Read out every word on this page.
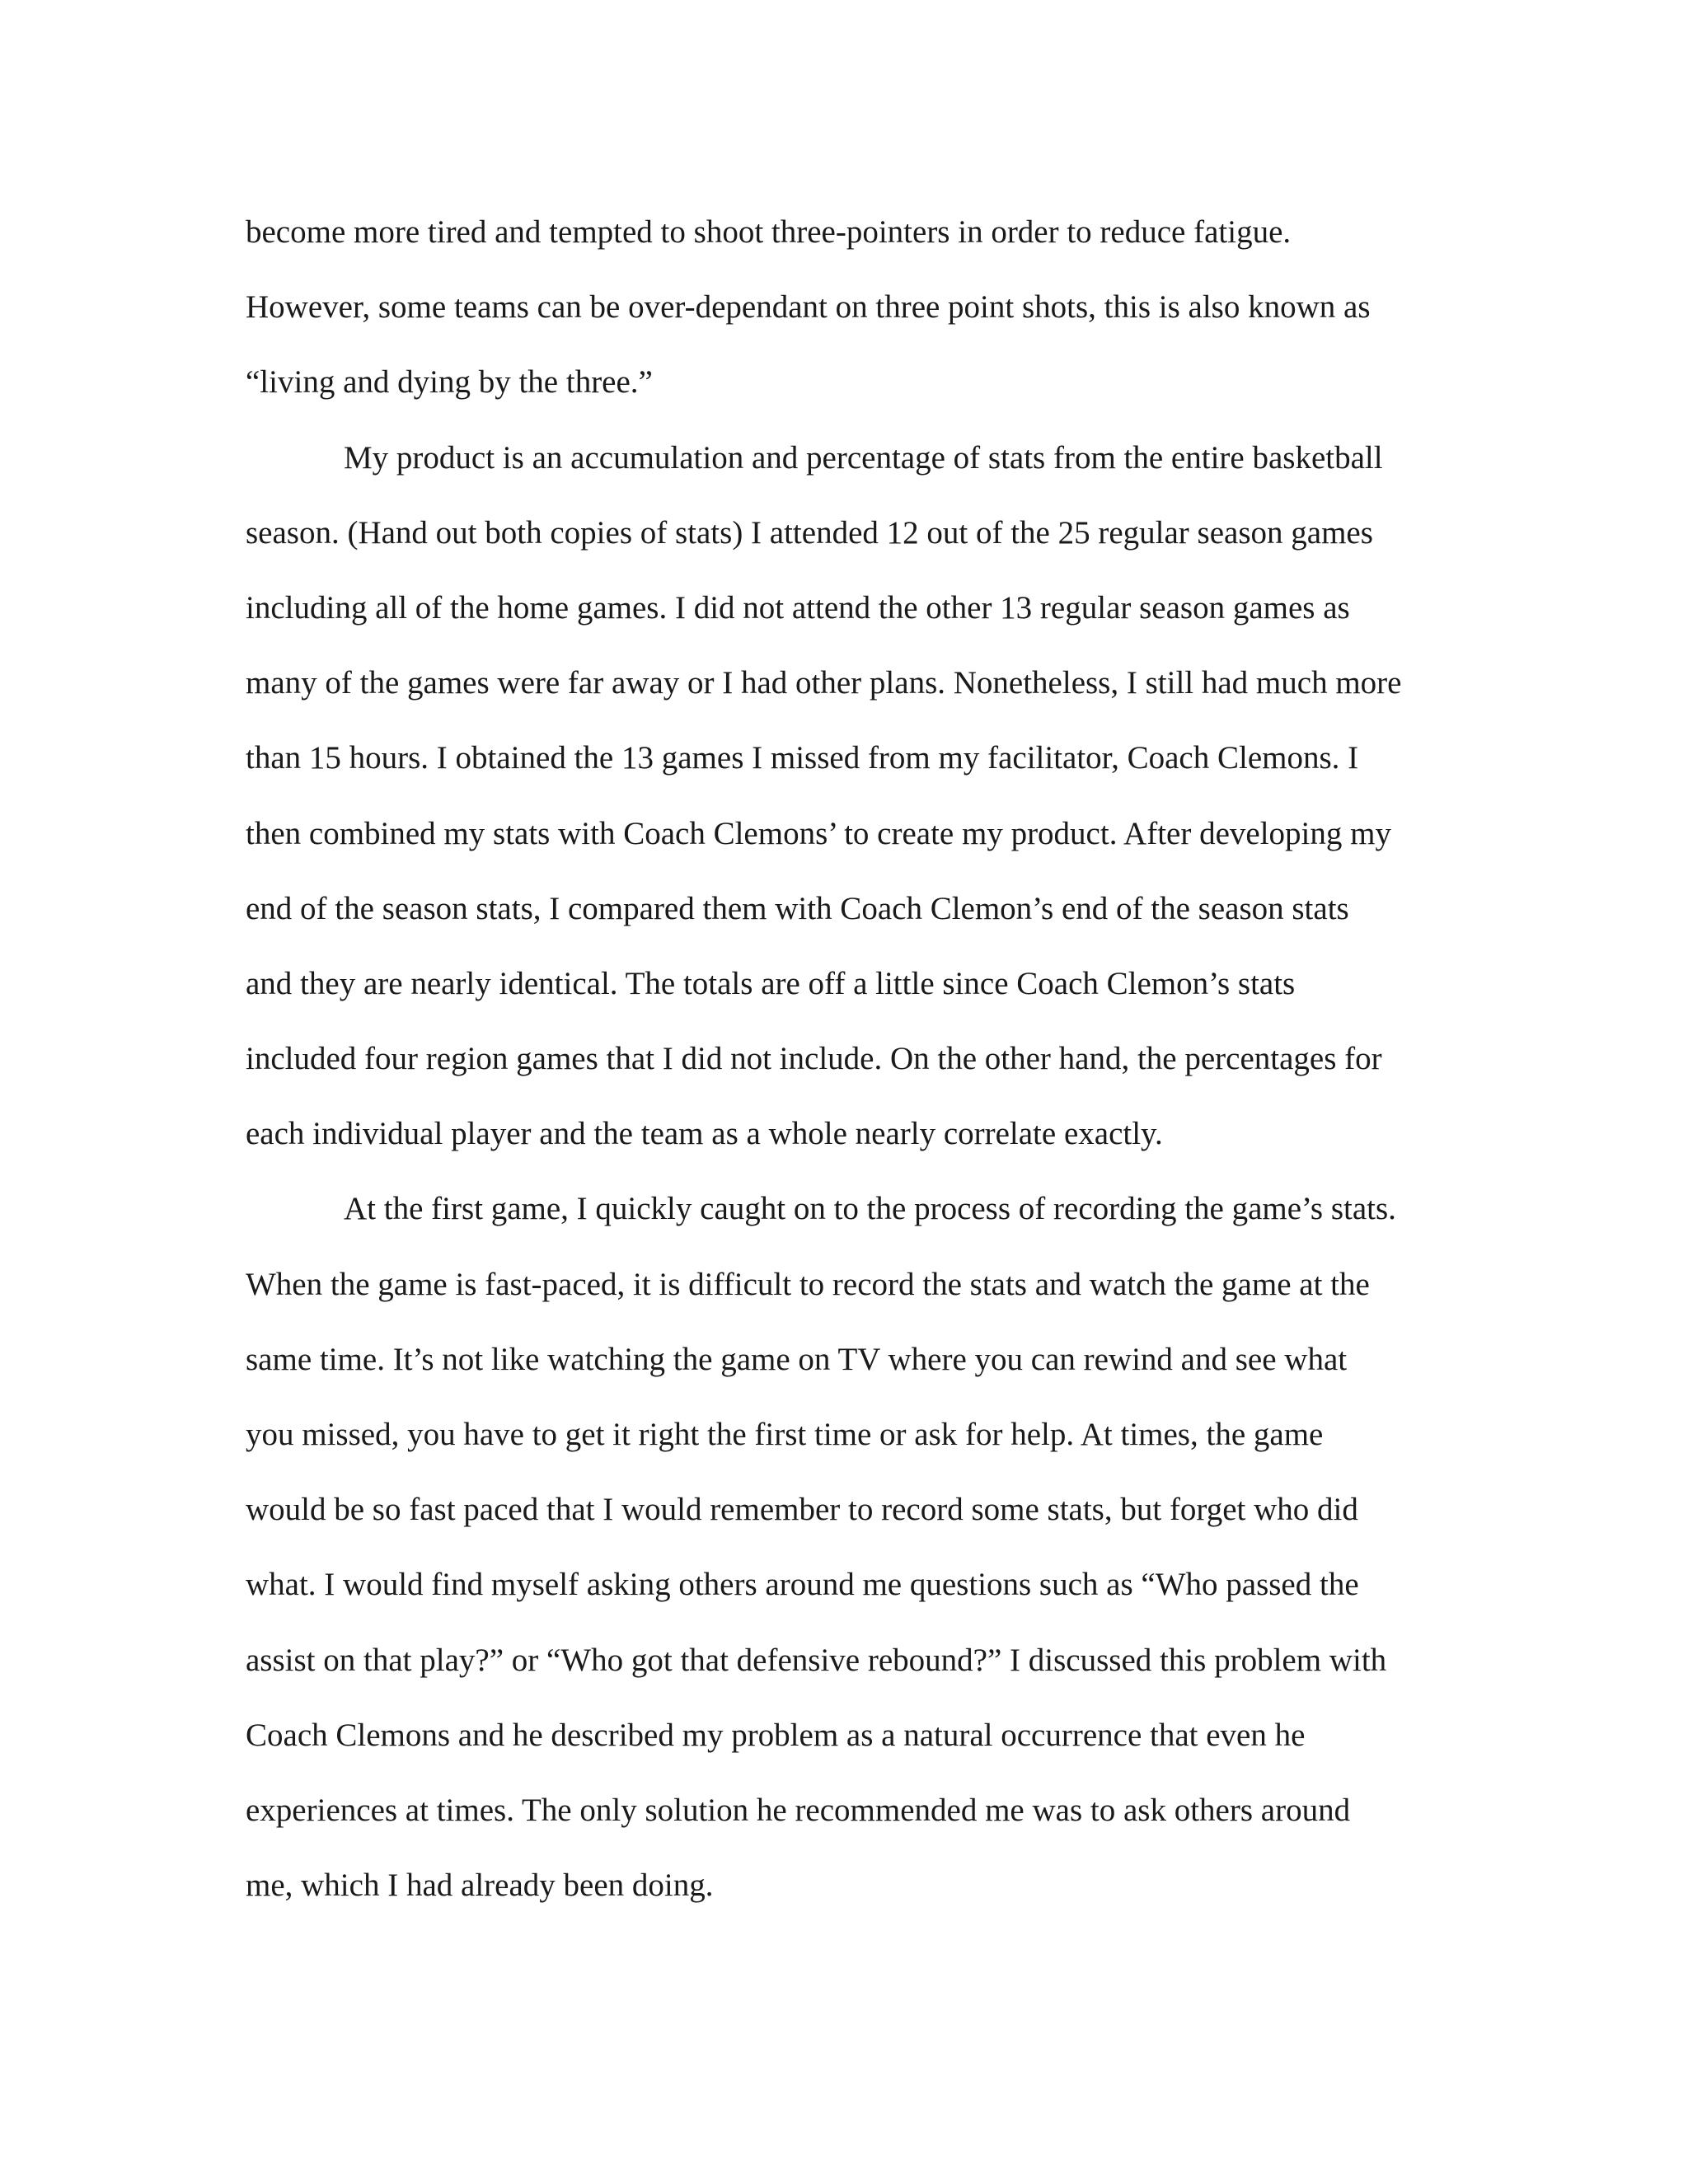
become more tired and tempted to shoot three-pointers in order to reduce fatigue.
However, some teams can be over-dependant on three point shots, this is also known as
“living and dying by the three.”
My product is an accumulation and percentage of stats from the entire basketball
season. (Hand out both copies of stats) I attended 12 out of the 25 regular season games
including all of the home games. I did not attend the other 13 regular season games as
many of the games were far away or I had other plans. Nonetheless, I still had much more
than 15 hours. I obtained the 13 games I missed from my facilitator, Coach Clemons. I
then combined my stats with Coach Clemons’ to create my product. After developing my
end of the season stats, I compared them with Coach Clemon’s end of the season stats
and they are nearly identical. The totals are off a little since Coach Clemon’s stats
included four region games that I did not include. On the other hand, the percentages for
each individual player and the team as a whole nearly correlate exactly.
At the first game, I quickly caught on to the process of recording the game’s stats.
When the game is fast-paced, it is difficult to record the stats and watch the game at the
same time. It’s not like watching the game on TV where you can rewind and see what
you missed, you have to get it right the first time or ask for help. At times, the game
would be so fast paced that I would remember to record some stats, but forget who did
what. I would find myself asking others around me questions such as “Who passed the
assist on that play?” or “Who got that defensive rebound?” I discussed this problem with
Coach Clemons and he described my problem as a natural occurrence that even he
experiences at times. The only solution he recommended me was to ask others around
me, which I had already been doing.
